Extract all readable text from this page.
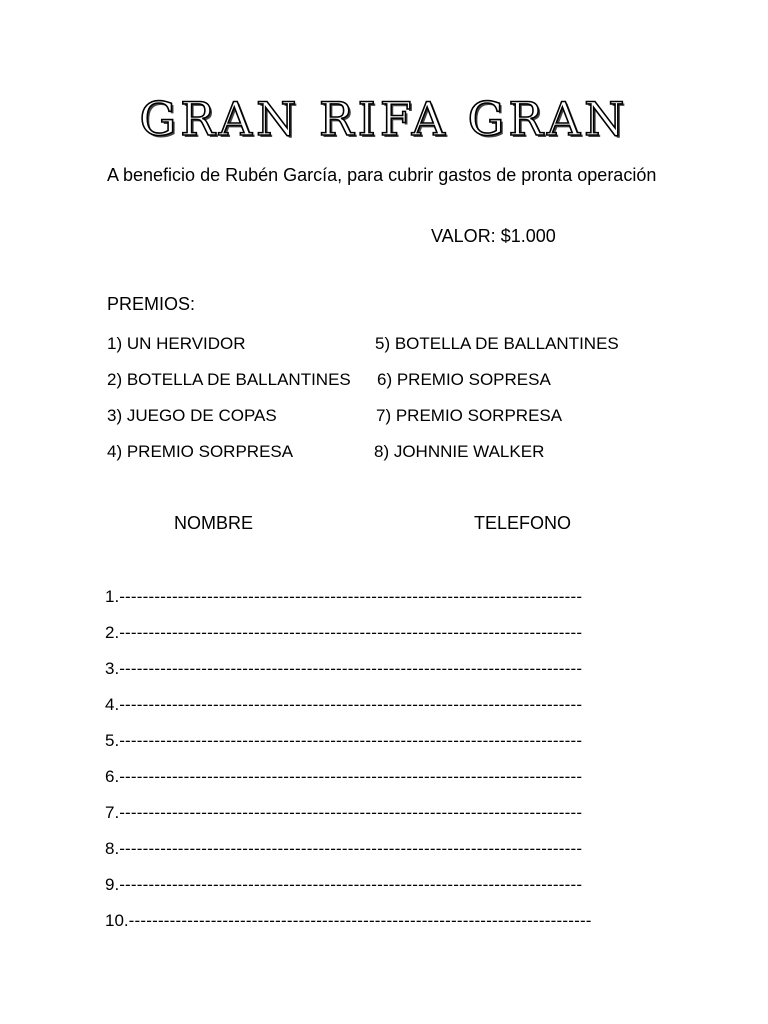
GRAN RIFA GRAN
A beneficio de Rubén García, para cubrir gastos de pronta operación
VALOR: $1.000
PREMIOS:
1) UN HERVIDOR
2) BOTELLA DE BALLANTINES
3) JUEGO DE COPAS
4) PREMIO SORPRESA
5) BOTELLA DE BALLANTINES
6) PREMIO SOPRESA
7) PREMIO SORPRESA
8) JOHNNIE WALKER
NOMBRE	TELEFONO
1.-------------------------------------------------------------------------------
2.-------------------------------------------------------------------------------
3.-------------------------------------------------------------------------------
4.-------------------------------------------------------------------------------
5.-------------------------------------------------------------------------------
6.-------------------------------------------------------------------------------
7.-------------------------------------------------------------------------------
8.-------------------------------------------------------------------------------
9.-------------------------------------------------------------------------------
10.-------------------------------------------------------------------------------
